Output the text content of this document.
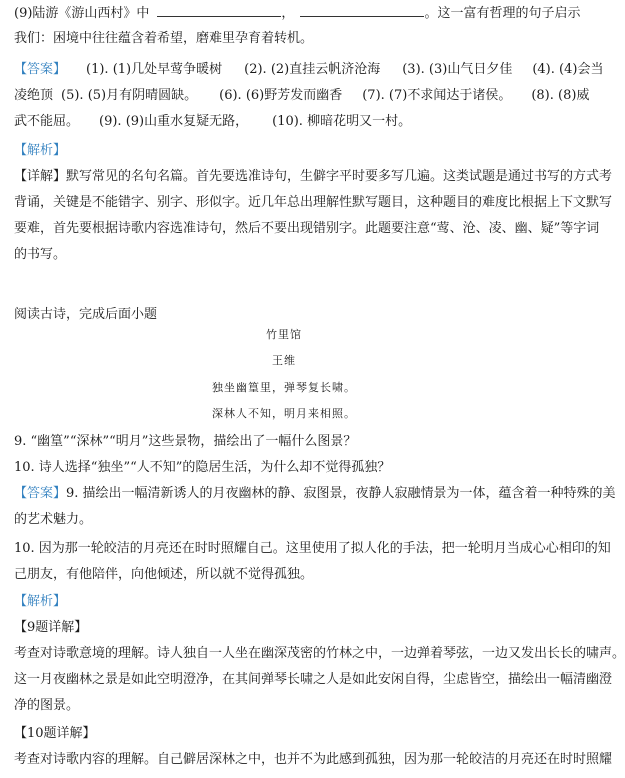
(9)陆游《游山西村》中	，	。这一富有哲理的句子启示
我们：困境中往往蕴含着希望，磨难里孕育着转机。
【答案】 (1). (1)几处早莺争暖树 (2). (2)直挂云帆济沧海 (3). (3)山气日夕佳 (4). (4)会当
凌绝顶 (5). (5)月有阴晴圆缺。 (6). (6)野芳发而幽香 (7). (7)不求闻达于诸侯。 (8). (8)威
武不能屈。 (9). (9)山重水复疑无路， (10). 柳暗花明又一村。
【解析】
【详解】默写常见的名句名篇。首先要选准诗句，生僻字平时要多写几遍。这类试题是通过书写的方式考
背诵，关键是不能错字、别字、形似字。近几年总出理解性默写题目，这种题目的难度比根据上下文默写
要难，首先要根据诗歌内容选准诗句，然后不要出现错别字。此题要注意“莺、沧、凌、幽、疑”等字词
的书写。
阅读古诗，完成后面小题
竹里馆
王维
独坐幽篁里，弹琴复长啸。
深林人不知，明月来相照。
9. “幽篁”“深林”“明月”这些景物，描绘出了一幅什么图景？
10. 诗人选择“独坐”“人不知”的隐居生活，为什么却不觉得孤独？
【答案】9. 描绘出一幅清新诱人的月夜幽林的静、寂图景，夜静人寂融情景为一体，蕴含着一种特殊的美
的艺术魅力。
10. 因为那一轮皎洁的月亮还在时时照耀自己。这里使用了拟人化的手法，把一轮明月当成心心相印的知
己朋友，有他陪伴，向他倾述，所以就不觉得孤独。
【解析】
【9题详解】
考查对诗歌意境的理解。诗人独自一人坐在幽深茂密的竹林之中，一边弹着琴弦，一边又发出长长的啸声。
这一月夜幽林之景是如此空明澄净，在其间弹琴长啸之人是如此安闲自得，尘虑皆空，描绘出一幅清幽澄
净的图景。
【10题详解】
考查对诗歌内容的理解。自己僻居深林之中，也并不为此感到孤独，因为那一轮皎洁的月亮还在时时照耀
